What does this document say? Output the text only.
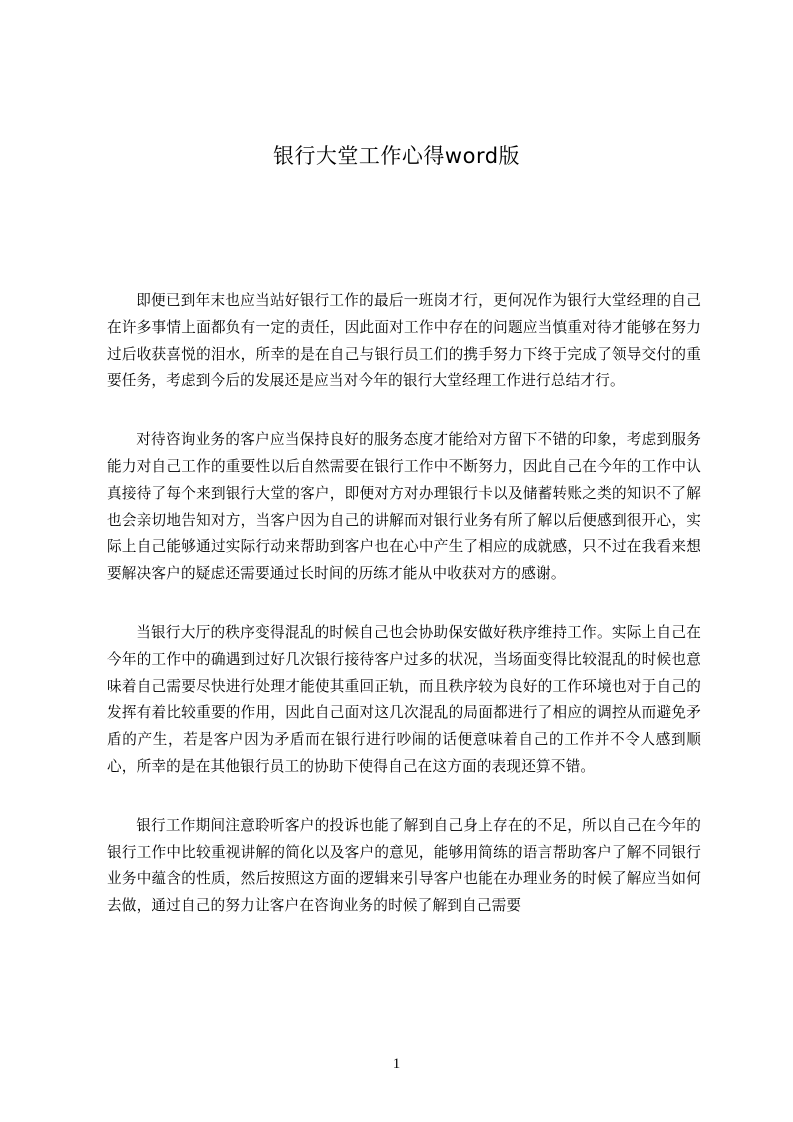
银行大堂工作心得word版

即便已到年末也应当站好银行工作的最后一班岗才行，更何况作为银行大堂经理的自己在许多事情上面都负有一定的责任，因此面对工作中存在的问题应当慎重对待才能够在努力过后收获喜悦的泪水，所幸的是在自己与银行员工们的携手努力下终于完成了领导交付的重要任务，考虑到今后的发展还是应当对今年的银行大堂经理工作进行总结才行。

对待咨询业务的客户应当保持良好的服务态度才能给对方留下不错的印象，考虑到服务能力对自己工作的重要性以后自然需要在银行工作中不断努力，因此自己在今年的工作中认真接待了每个来到银行大堂的客户，即便对方对办理银行卡以及储蓄转账之类的知识不了解也会亲切地告知对方，当客户因为自己的讲解而对银行业务有所了解以后便感到很开心，实际上自己能够通过实际行动来帮助到客户也在心中产生了相应的成就感，只不过在我看来想要解决客户的疑虑还需要通过长时间的历练才能从中收获对方的感谢。

当银行大厅的秩序变得混乱的时候自己也会协助保安做好秩序维持工作。实际上自己在今年的工作中的确遇到过好几次银行接待客户过多的状况，当场面变得比较混乱的时候也意味着自己需要尽快进行处理才能使其重回正轨，而且秩序较为良好的工作环境也对于自己的发挥有着比较重要的作用，因此自己面对这几次混乱的局面都进行了相应的调控从而避免矛盾的产生，若是客户因为矛盾而在银行进行吵闹的话便意味着自己的工作并不令人感到顺心，所幸的是在其他银行员工的协助下使得自己在这方面的表现还算不错。

银行工作期间注意聆听客户的投诉也能了解到自己身上存在的不足，所以自己在今年的银行工作中比较重视讲解的简化以及客户的意见，能够用简练的语言帮助客户了解不同银行业务中蕴含的性质，然后按照这方面的逻辑来引导客户也能在办理业务的时候了解应当如何去做，通过自己的努力让客户在咨询业务的时候了解到自己需要

1
